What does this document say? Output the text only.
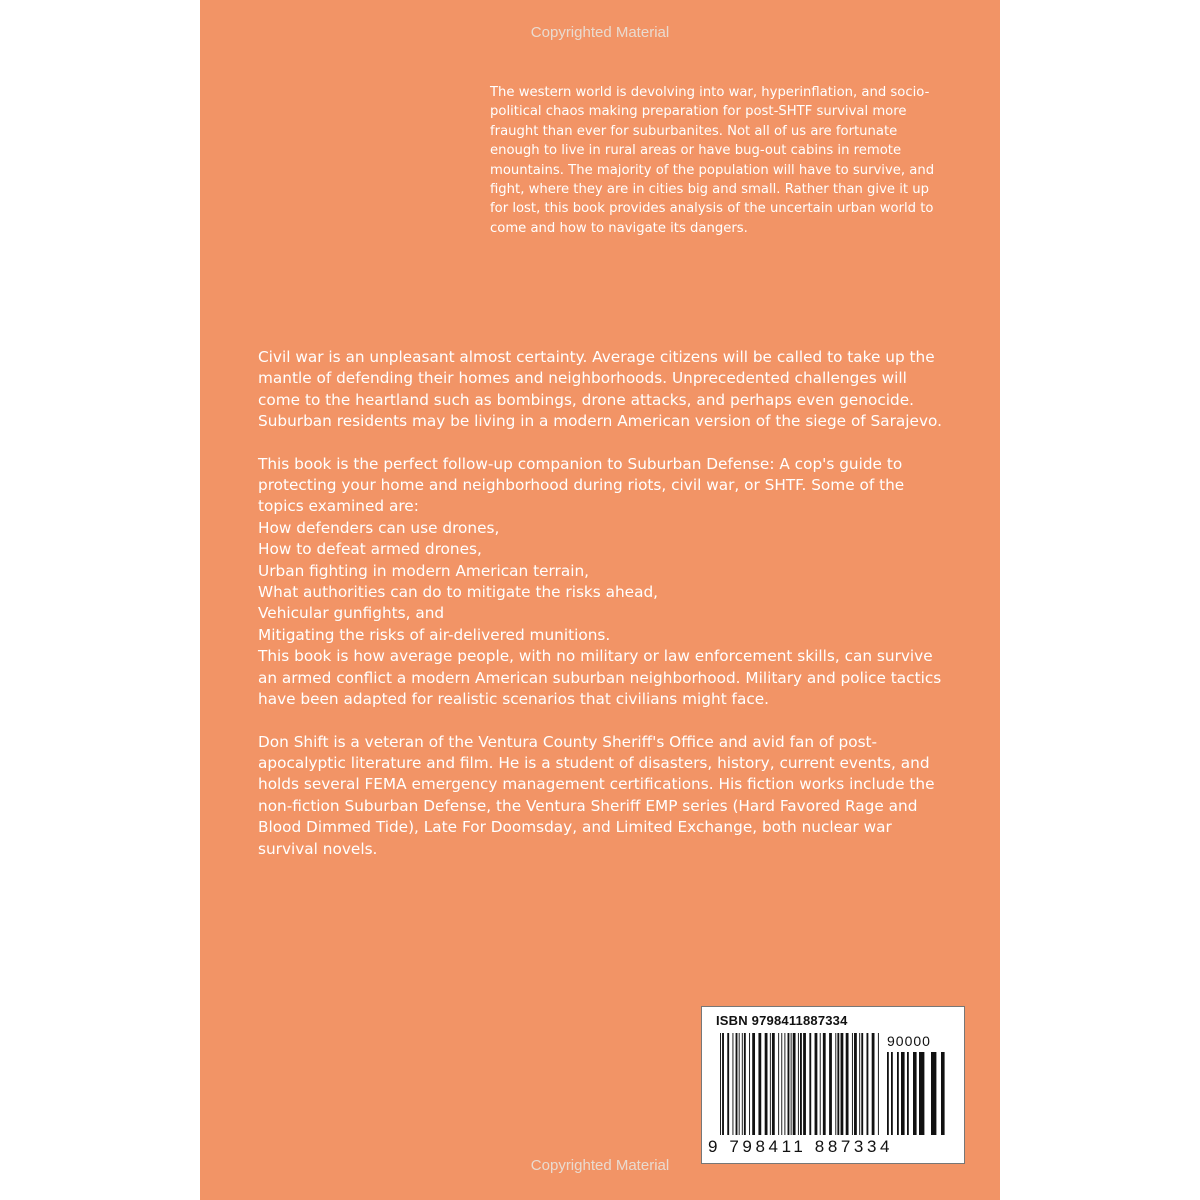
Copyrighted Material
The western world is devolving into war, hyperinflation, and socio-political chaos making preparation for post-SHTF survival more fraught than ever for suburbanites. Not all of us are fortunate enough to live in rural areas or have bug-out cabins in remote mountains. The majority of the population will have to survive, and fight, where they are in cities big and small. Rather than give it up for lost, this book provides analysis of the uncertain urban world to come and how to navigate its dangers.

Civil war is an unpleasant almost certainty. Average citizens will be called to take up the mantle of defending their homes and neighborhoods. Unprecedented challenges will come to the heartland such as bombings, drone attacks, and perhaps even genocide. Suburban residents may be living in a modern American version of the siege of Sarajevo.

This book is the perfect follow-up companion to Suburban Defense: A cop's guide to protecting your home and neighborhood during riots, civil war, or SHTF. Some of the topics examined are:
How defenders can use drones,
How to defeat armed drones,
Urban fighting in modern American terrain,
What authorities can do to mitigate the risks ahead,
Vehicular gunfights, and
Mitigating the risks of air-delivered munitions.
This book is how average people, with no military or law enforcement skills, can survive an armed conflict a modern American suburban neighborhood. Military and police tactics have been adapted for realistic scenarios that civilians might face.

Don Shift is a veteran of the Ventura County Sheriff's Office and avid fan of post-apocalyptic literature and film. He is a student of disasters, history, current events, and holds several FEMA emergency management certifications. His fiction works include the non-fiction Suburban Defense, the Ventura Sheriff EMP series (Hard Favored Rage and Blood Dimmed Tide), Late For Doomsday, and Limited Exchange, both nuclear war survival novels.

ISBN 9798411887334
90000
9 798411 887334
Copyrighted Material
